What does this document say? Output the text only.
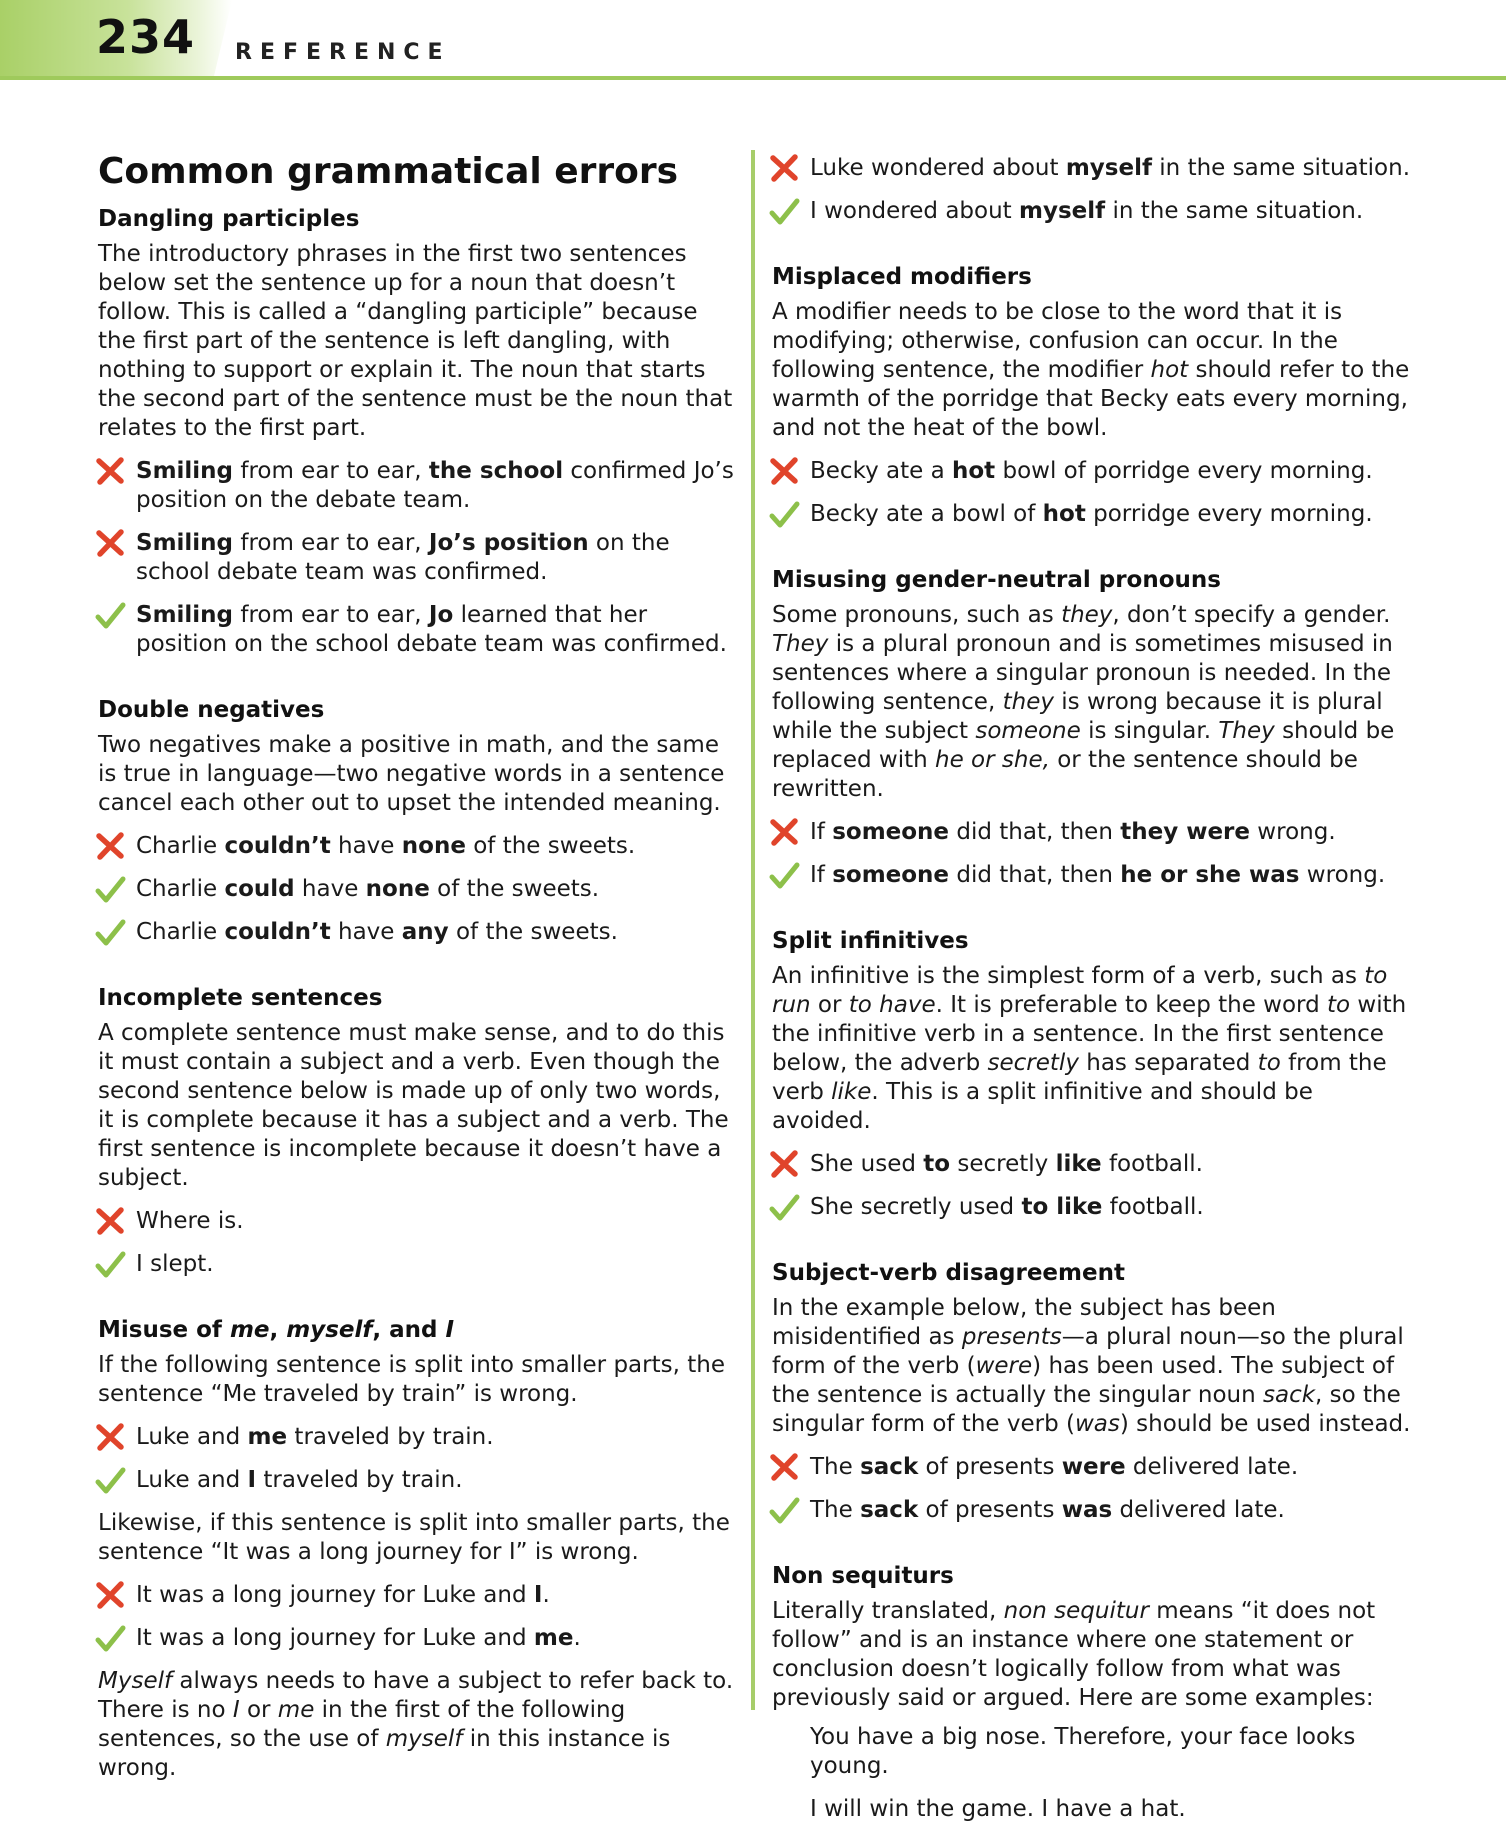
234 REFERENCE
Common grammatical errors
Dangling participles

The introductory phrases in the first two sentences below set the sentence up for a noun that doesn’t follow. This is called a “dangling participle” because the first part of the sentence is left dangling, with nothing to support or explain it. The noun that starts the second part of the sentence must be the noun that relates to the first part.

Smiling from ear to ear, the school confirmed Jo’s position on the debate team.
Smiling from ear to ear, Jo’s position on the school debate team was confirmed.
Smiling from ear to ear, Jo learned that her position on the school debate team was confirmed.
Double negatives

Two negatives make a positive in math, and the same is true in language—two negative words in a sentence cancel each other out to upset the intended meaning.

Charlie couldn’t have none of the sweets.
Charlie could have none of the sweets.
Charlie couldn’t have any of the sweets.
Incomplete sentences

A complete sentence must make sense, and to do this it must contain a subject and a verb. Even though the second sentence below is made up of only two words, it is complete because it has a subject and a verb. The first sentence is incomplete because it doesn’t have a subject.

Where is.
I slept.
Misuse of me, myself, and I

If the following sentence is split into smaller parts, the sentence “Me traveled by train” is wrong.

Luke and me traveled by train.
Luke and I traveled by train.

Likewise, if this sentence is split into smaller parts, the sentence “It was a long journey for I” is wrong.

It was a long journey for Luke and I.
It was a long journey for Luke and me.

Myself always needs to have a subject to refer back to. There is no I or me in the first of the following sentences, so the use of myself in this instance is wrong.

Luke wondered about myself in the same situation.
I wondered about myself in the same situation.
Misplaced modifiers

A modifier needs to be close to the word that it is modifying; otherwise, confusion can occur. In the following sentence, the modifier hot should refer to the warmth of the porridge that Becky eats every morning, and not the heat of the bowl.

Becky ate a hot bowl of porridge every morning.
Becky ate a bowl of hot porridge every morning.
Misusing gender-neutral pronouns

Some pronouns, such as they, don’t specify a gender. They is a plural pronoun and is sometimes misused in sentences where a singular pronoun is needed. In the following sentence, they is wrong because it is plural while the subject someone is singular. They should be replaced with he or she, or the sentence should be rewritten.

If someone did that, then they were wrong.
If someone did that, then he or she was wrong.
Split infinitives

An infinitive is the simplest form of a verb, such as to run or to have. It is preferable to keep the word to with the infinitive verb in a sentence. In the first sentence below, the adverb secretly has separated to from the verb like. This is a split infinitive and should be avoided.

She used to secretly like football.
She secretly used to like football.
Subject-verb disagreement

In the example below, the subject has been misidentified as presents—a plural noun—so the plural form of the verb (were) has been used. The subject of the sentence is actually the singular noun sack, so the singular form of the verb (was) should be used instead.

The sack of presents were delivered late.
The sack of presents was delivered late.
Non sequiturs

Literally translated, non sequitur means “it does not follow” and is an instance where one statement or conclusion doesn’t logically follow from what was previously said or argued. Here are some examples:

You have a big nose. Therefore, your face looks young.
I will win the game. I have a hat.
